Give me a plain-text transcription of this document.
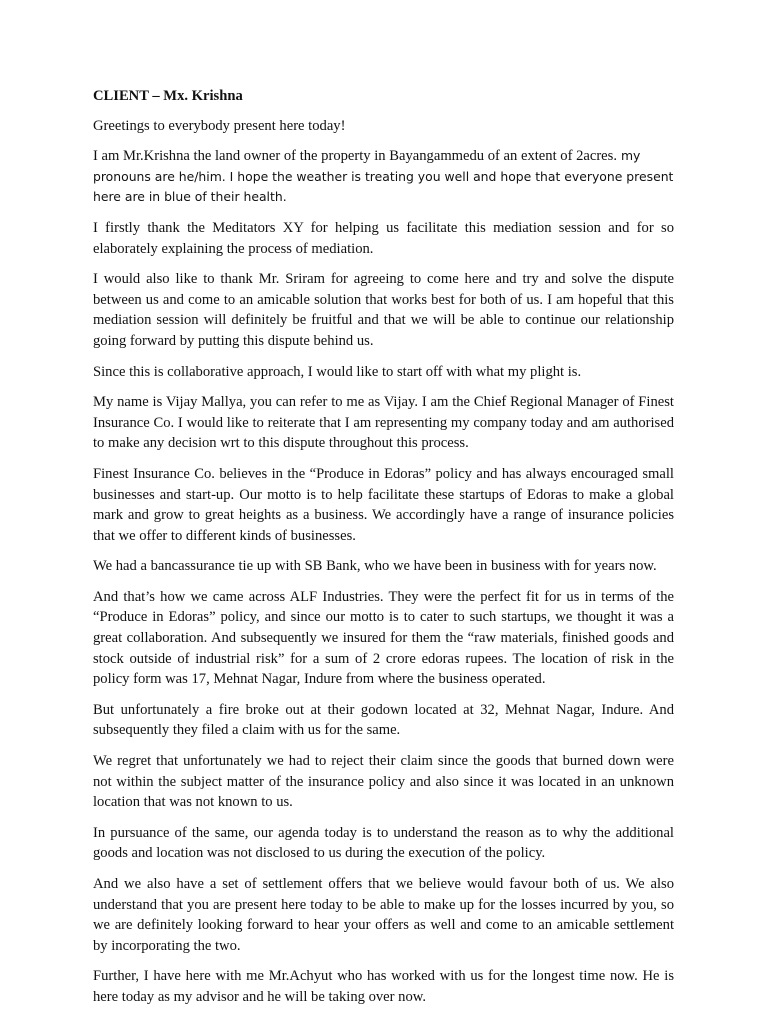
CLIENT – Mx. Krishna

Greetings to everybody present here today!

I am Mr.Krishna the land owner of the property in Bayangammedu of an extent of 2acres. my pronouns are he/him. I hope the weather is treating you well and hope that everyone present here are in blue of their health.

I firstly thank the Meditators XY for helping us facilitate this mediation session and for so elaborately explaining the process of mediation.

I would also like to thank Mr. Sriram for agreeing to come here and try and solve the dispute between us and come to an amicable solution that works best for both of us. I am hopeful that this mediation session will definitely be fruitful and that we will be able to continue our relationship going forward by putting this dispute behind us.

Since this is collaborative approach, I would like to start off with what my plight is.

My name is Vijay Mallya, you can refer to me as Vijay. I am the Chief Regional Manager of Finest Insurance Co. I would like to reiterate that I am representing my company today and am authorised to make any decision wrt to this dispute throughout this process.

Finest Insurance Co. believes in the “Produce in Edoras” policy and has always encouraged small businesses and start-up. Our motto is to help facilitate these startups of Edoras to make a global mark and grow to great heights as a business. We accordingly have a range of insurance policies that we offer to different kinds of businesses.

We had a bancassurance tie up with SB Bank, who we have been in business with for years now.

And that’s how we came across ALF Industries. They were the perfect fit for us in terms of the “Produce in Edoras” policy, and since our motto is to cater to such startups, we thought it was a great collaboration. And subsequently we insured for them the “raw materials, finished goods and stock outside of industrial risk” for a sum of 2 crore edoras rupees. The location of risk in the policy form was 17, Mehnat Nagar, Indure from where the business operated.

But unfortunately a fire broke out at their godown located at 32, Mehnat Nagar, Indure. And subsequently they filed a claim with us for the same.

We regret that unfortunately we had to reject their claim since the goods that burned down were not within the subject matter of the insurance policy and also since it was located in an unknown location that was not known to us.

In pursuance of the same, our agenda today is to understand the reason as to why the additional goods and location was not disclosed to us during the execution of the policy.

And we also have a set of settlement offers that we believe would favour both of us. We also understand that you are present here today to be able to make up for the losses incurred by you, so we are definitely looking forward to hear your offers as well and come to an amicable settlement by incorporating the two.

Further, I have here with me Mr.Achyut who has worked with us for the longest time now. He is here today as my advisor and he will be taking over now.
